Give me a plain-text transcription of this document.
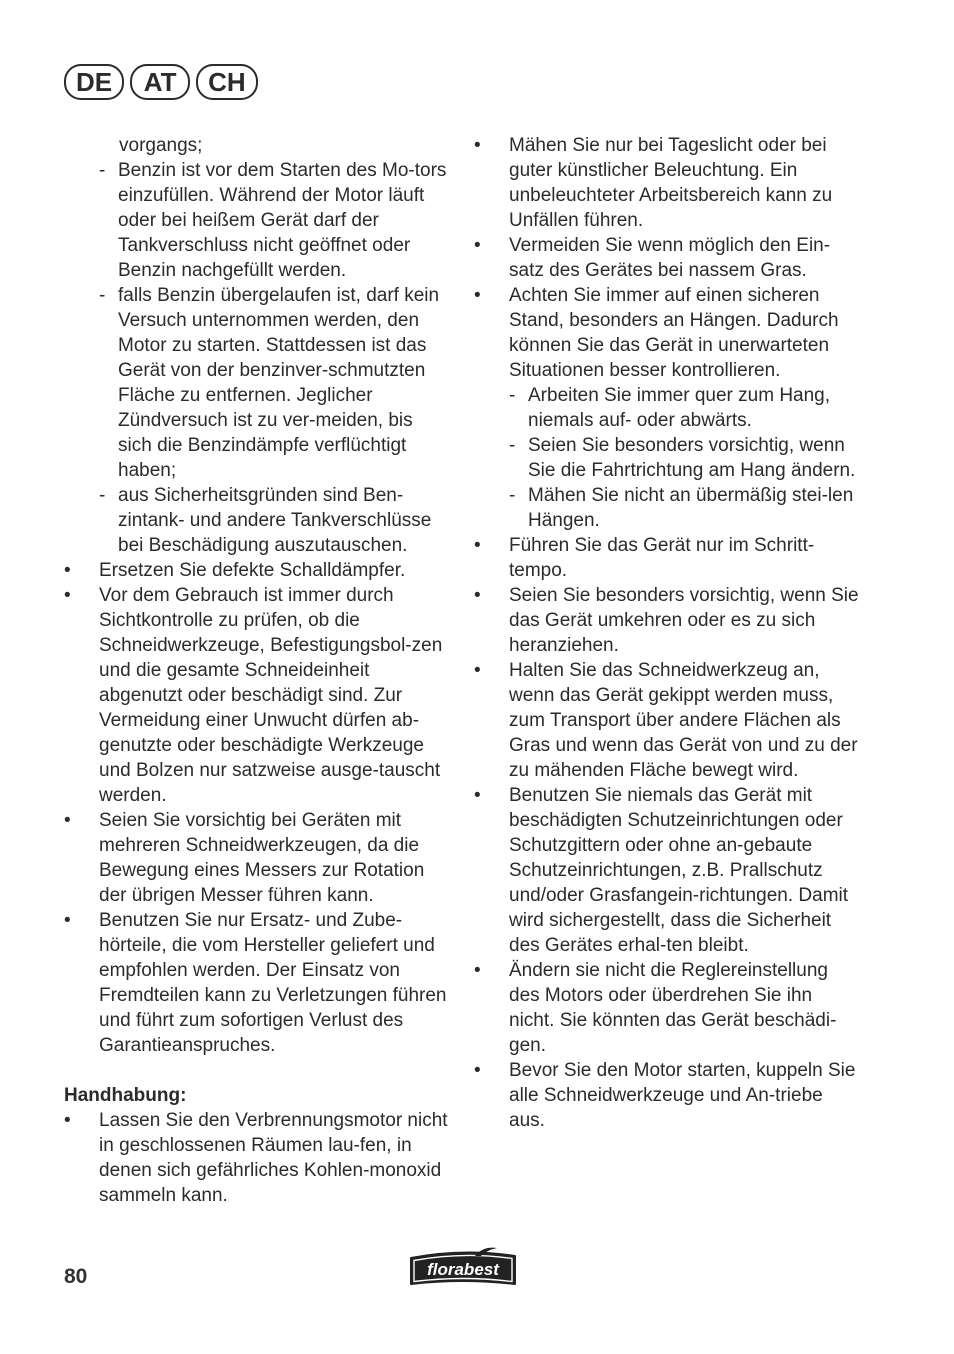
DE	AT	CH
vorgangs;
- Benzin ist vor dem Starten des Mo-tors einzufüllen. Während der Motor läuft oder bei heißem Gerät darf der Tankverschluss nicht geöffnet oder Benzin nachgefüllt werden.
- falls Benzin übergelaufen ist, darf kein Versuch unternommen werden, den Motor zu starten. Stattdessen ist das Gerät von der benzinver-schmutzten Fläche zu entfernen. Jeglicher Zündversuch ist zu ver-meiden, bis sich die Benzindämpfe verflüchtigt haben;
- aus Sicherheitsgründen sind Ben-zintank- und andere Tankverschlüsse bei Beschädigung auszutauschen.
• Ersetzen Sie defekte Schalldämpfer.
• Vor dem Gebrauch ist immer durch Sichtkontrolle zu prüfen, ob die Schneidwerkzeuge, Befestigungsbol-zen und die gesamte Schneideinheit abgenutzt oder beschädigt sind. Zur Vermeidung einer Unwucht dürfen ab-genutzte oder beschädigte Werkzeuge und Bolzen nur satzweise ausge-tauscht werden.
• Seien Sie vorsichtig bei Geräten mit mehreren Schneidwerkzeugen, da die Bewegung eines Messers zur Rotation der übrigen Messer führen kann.
• Benutzen Sie nur Ersatz- und Zube-hörteile, die vom Hersteller geliefert und empfohlen werden. Der Einsatz von Fremdteilen kann zu Verletzungen führen und führt zum sofortigen Verlust des Garantieanspruches.
Handhabung:
• Lassen Sie den Verbrennungsmotor nicht in geschlossenen Räumen lau-fen, in denen sich gefährliches Kohlen-monoxid sammeln kann.
• Mähen Sie nur bei Tageslicht oder bei guter künstlicher Beleuchtung. Ein unbeleuchteter Arbeitsbereich kann zu Unfällen führen.
• Vermeiden Sie wenn möglich den Ein-satz des Gerätes bei nassem Gras.
• Achten Sie immer auf einen sicheren Stand, besonders an Hängen. Dadurch können Sie das Gerät in unerwarteten Situationen besser kontrollieren.
- Arbeiten Sie immer quer zum Hang, niemals auf- oder abwärts.
- Seien Sie besonders vorsichtig, wenn Sie die Fahrtrichtung am Hang ändern.
- Mähen Sie nicht an übermäßig stei-len Hängen.
• Führen Sie das Gerät nur im Schritt-tempo.
• Seien Sie besonders vorsichtig, wenn Sie das Gerät umkehren oder es zu sich heranziehen.
• Halten Sie das Schneidwerkzeug an, wenn das Gerät gekippt werden muss, zum Transport über andere Flächen als Gras und wenn das Gerät von und zu der zu mähenden Fläche bewegt wird.
• Benutzen Sie niemals das Gerät mit beschädigten Schutzeinrichtungen oder Schutzgittern oder ohne an-gebaute Schutzeinrichtungen, z.B. Prallschutz und/oder Grasfangein-richtungen. Damit wird sichergestellt, dass die Sicherheit des Gerätes erhal-ten bleibt.
• Ändern sie nicht die Reglereinstellung des Motors oder überdrehen Sie ihn nicht. Sie könnten das Gerät beschädi-gen.
• Bevor Sie den Motor starten, kuppeln Sie alle Schneidwerkzeuge und An-triebe aus.
80	florabest
